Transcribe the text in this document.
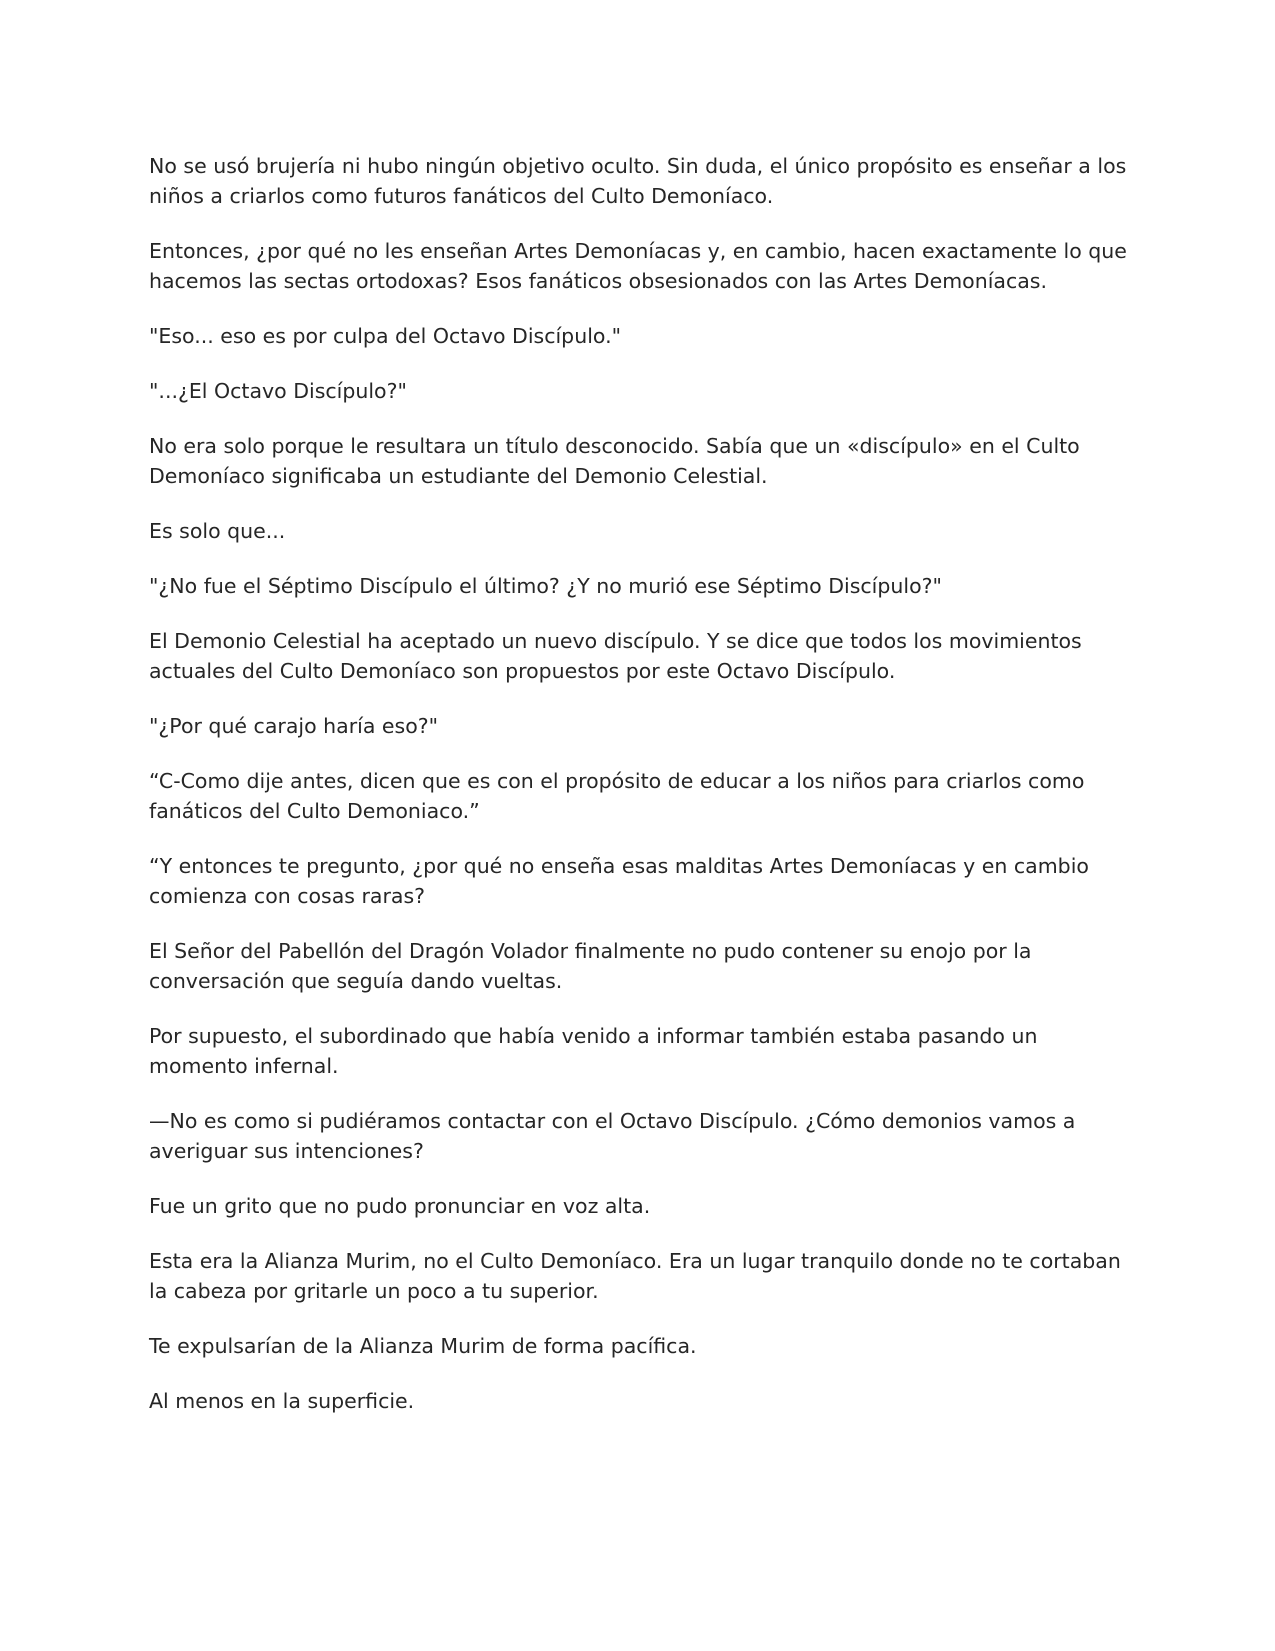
No se usó brujería ni hubo ningún objetivo oculto. Sin duda, el único propósito es enseñar a los
niños a criarlos como futuros fanáticos del Culto Demoníaco.

Entonces, ¿por qué no les enseñan Artes Demoníacas y, en cambio, hacen exactamente lo que
hacemos las sectas ortodoxas? Esos fanáticos obsesionados con las Artes Demoníacas.

"Eso... eso es por culpa del Octavo Discípulo."

"...¿El Octavo Discípulo?"

No era solo porque le resultara un título desconocido. Sabía que un «discípulo» en el Culto
Demoníaco significaba un estudiante del Demonio Celestial.

Es solo que...

"¿No fue el Séptimo Discípulo el último? ¿Y no murió ese Séptimo Discípulo?"

El Demonio Celestial ha aceptado un nuevo discípulo. Y se dice que todos los movimientos
actuales del Culto Demoníaco son propuestos por este Octavo Discípulo.

"¿Por qué carajo haría eso?"

“C-Como dije antes, dicen que es con el propósito de educar a los niños para criarlos como
fanáticos del Culto Demoniaco.”

“Y entonces te pregunto, ¿por qué no enseña esas malditas Artes Demoníacas y en cambio
comienza con cosas raras?

El Señor del Pabellón del Dragón Volador finalmente no pudo contener su enojo por la
conversación que seguía dando vueltas.

Por supuesto, el subordinado que había venido a informar también estaba pasando un
momento infernal.

—No es como si pudiéramos contactar con el Octavo Discípulo. ¿Cómo demonios vamos a
averiguar sus intenciones?

Fue un grito que no pudo pronunciar en voz alta.

Esta era la Alianza Murim, no el Culto Demoníaco. Era un lugar tranquilo donde no te cortaban
la cabeza por gritarle un poco a tu superior.

Te expulsarían de la Alianza Murim de forma pacífica.

Al menos en la superficie.
